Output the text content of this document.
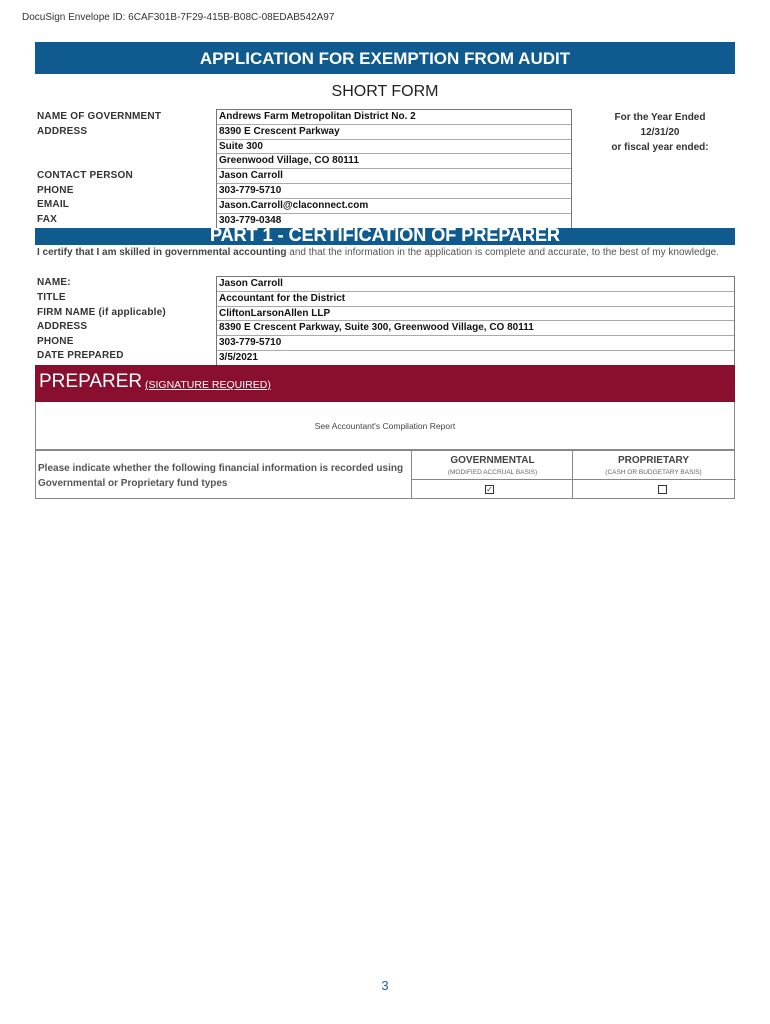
DocuSign Envelope ID: 6CAF301B-7F29-415B-B08C-08EDAB542A97
APPLICATION FOR EXEMPTION FROM AUDIT
SHORT FORM
NAME OF GOVERNMENT
ADDRESS
CONTACT PERSON
PHONE
EMAIL
FAX
Andrews Farm Metropolitan District No. 2
8390 E Crescent Parkway
Suite 300
Greenwood Village, CO 80111
Jason Carroll
303-779-5710
Jason.Carroll@claconnect.com
303-779-0348
For the Year Ended
12/31/20
or fiscal year ended:
PART 1 - CERTIFICATION OF PREPARER
I certify that I am skilled in governmental accounting and that the information in the application is complete and accurate, to the best of my knowledge.
NAME:
TITLE
FIRM NAME (if applicable)
ADDRESS
PHONE
DATE PREPARED
Jason Carroll
Accountant for the District
CliftonLarsonAllen LLP
8390 E Crescent Parkway, Suite 300, Greenwood Village, CO 80111
303-779-5710
3/5/2021
PREPARER (SIGNATURE REQUIRED)
See Accountant's Compilation Report
Please indicate whether the following financial information is recorded using Governmental or Proprietary fund types
GOVERNMENTAL
(MODIFIED ACCRUAL BASIS)
✓
PROPRIETARY
(CASH OR BUDGETARY BASIS)
3
